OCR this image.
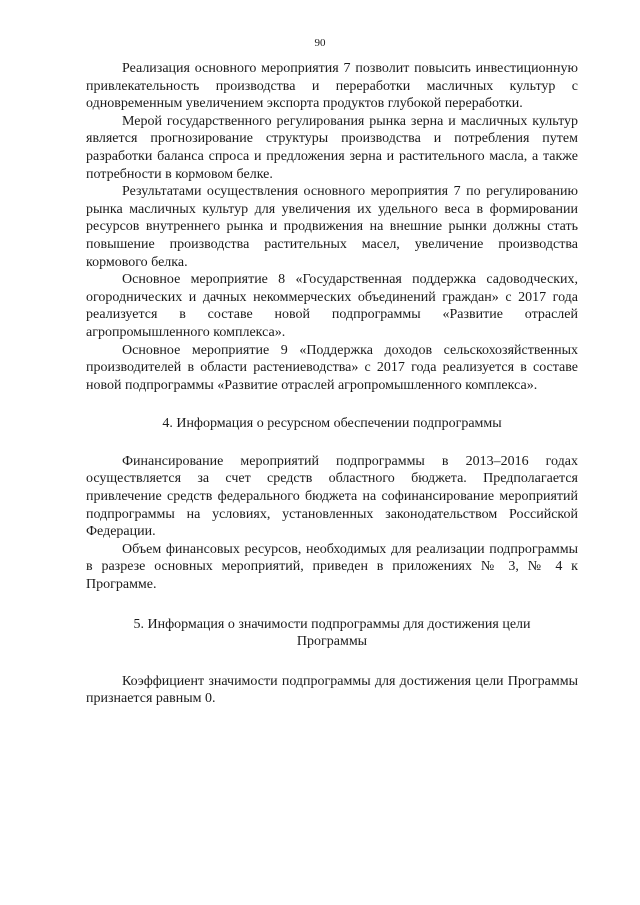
90

Реализация основного мероприятия 7 позволит повысить инвестиционную привлекательность производства и переработки масличных культур с одновременным увеличением экспорта продуктов глубокой переработки.

Мерой государственного регулирования рынка зерна и масличных культур является прогнозирование структуры производства и потребления путем разработки баланса спроса и предложения зерна и растительного масла, а также потребности в кормовом белке.

Результатами осуществления основного мероприятия 7 по регулированию рынка масличных культур для увеличения их удельного веса в формировании ресурсов внутреннего рынка и продвижения на внешние рынки должны стать повышение производства растительных масел, увеличение производства кормового белка.

Основное мероприятие 8 «Государственная поддержка садоводческих, огороднических и дачных некоммерческих объединений граждан» с 2017 года реализуется в составе новой подпрограммы «Развитие отраслей агропромышленного комплекса».

Основное мероприятие 9 «Поддержка доходов сельскохозяйственных производителей в области растениеводства» с 2017 года реализуется в составе новой подпрограммы «Развитие отраслей агропромышленного комплекса».

4. Информация о ресурсном обеспечении подпрограммы

Финансирование мероприятий подпрограммы в 2013–2016 годах осуществляется за счет средств областного бюджета. Предполагается привлечение средств федерального бюджета на софинансирование мероприятий подпрограммы на условиях, установленных законодательством Российской Федерации.

Объем финансовых ресурсов, необходимых для реализации подпрограммы в разрезе основных мероприятий, приведен в приложениях № 3, № 4 к Программе.

5. Информация о значимости подпрограммы для достижения цели
Программы

Коэффициент значимости подпрограммы для достижения цели Программы признается равным 0.
